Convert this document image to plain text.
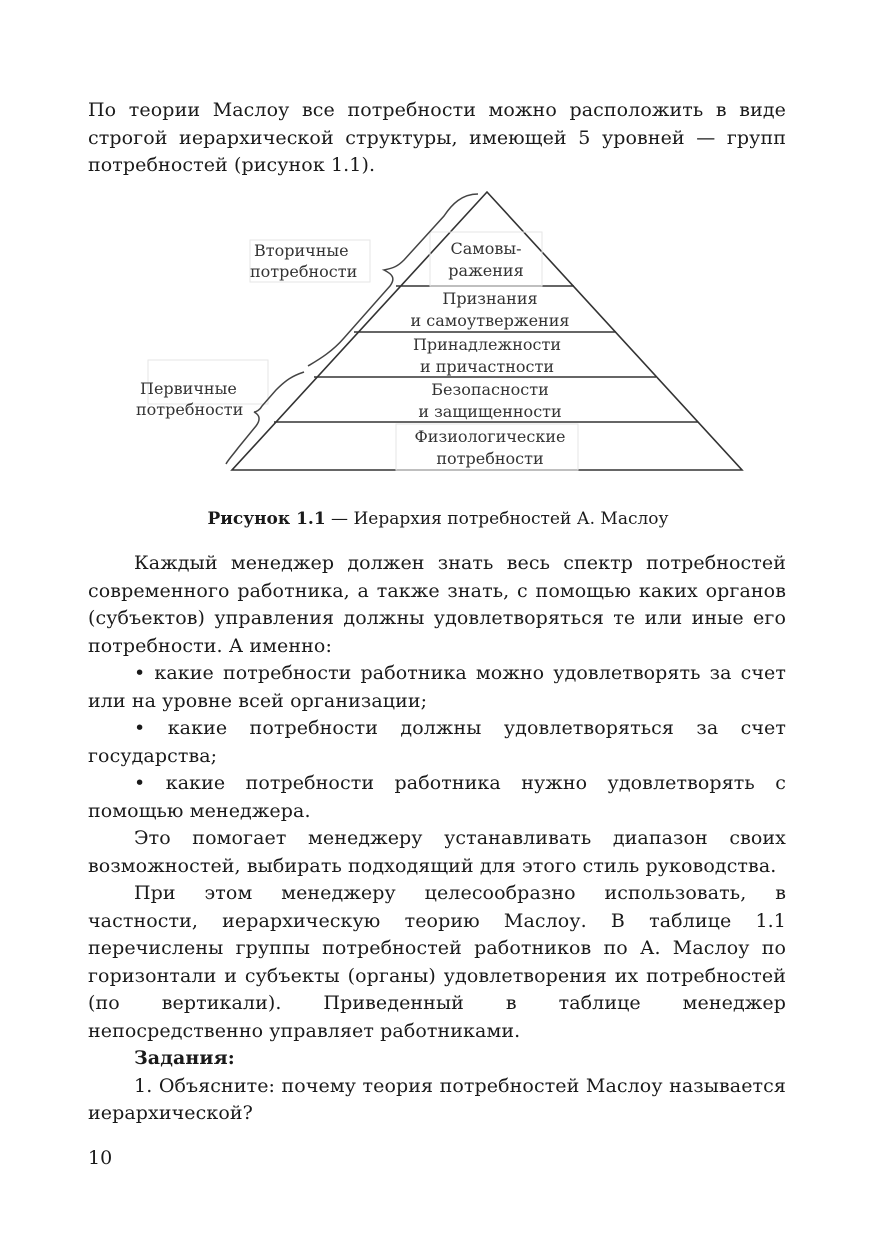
По теории Маслоу все потребности можно расположить в виде строгой иерархической структуры, имеющей 5 уровней — групп потребностей (рисунок 1.1).

Самовы-
ражения
Признания
и самоутвержения
Принадлежности
и причастности
Безопасности
и защищенности
Физиологические
потребности
Вторичные
потребности
Первичные
потребности
Рисунок 1.1 — Иерархия потребностей А. Маслоу

Каждый менеджер должен знать весь спектр потребностей современного работника, а также знать, с помощью каких органов (субъектов) управления должны удовлетворяться те или иные его потребности. А именно:

• какие потребности работника можно удовлетворять за счет или на уровне всей организации;

• какие потребности должны удовлетворяться за счет государства;

• какие потребности работника нужно удовлетворять с помощью менеджера.

Это помогает менеджеру устанавливать диапазон своих возможностей, выбирать подходящий для этого стиль руководства.

При этом менеджеру целесообразно использовать, в частности, иерархическую теорию Маслоу. В таблице 1.1 перечислены группы потребностей работников по А. Маслоу по горизонтали и субъекты (органы) удовлетворения их потребностей (по вертикали). Приведенный в таблице менеджер непосредственно управляет работниками.

Задания:

1. Объясните: почему теория потребностей Маслоу называется иерархической?

10
